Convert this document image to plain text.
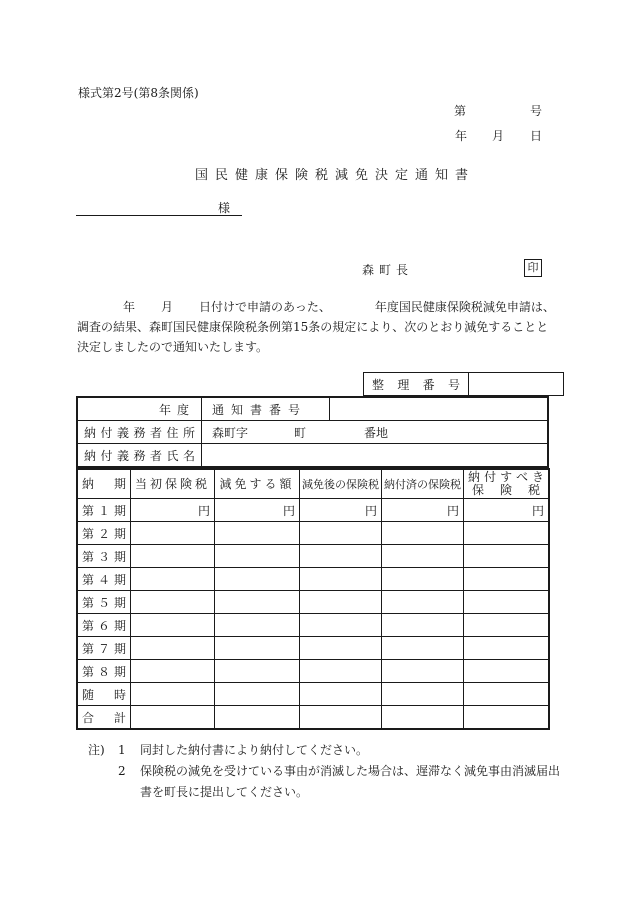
様式第2号(第8条関係)
第	号
年 月 日
国民健康保険税減免決定通知書
様
森町長	印
年 月 日付けで申請のあった、	年度国民健康保険税減免申請は、調査の結果、森町国民健康保険税条例第15条の規定により、次のとおり減免することと決定しましたので通知いたします。
整理番号	
年度	通知書番号	
納付義務者住所	森町字 町 番地	
納付義務者氏名		
納　期	当初保険税	減免する額	減免後の保険税	納付済の保険税	納付すべき
保険税

第１期	円	円	円	円	円
第２期					
第３期					
第４期					
第５期					
第６期					
第７期					
第８期					
随時					
合計					
注)	1	同封した納付書により納付してください。
2	保険税の減免を受けている事由が消滅した場合は、遅滞なく減免事由消滅届出書を町長に提出してください。
